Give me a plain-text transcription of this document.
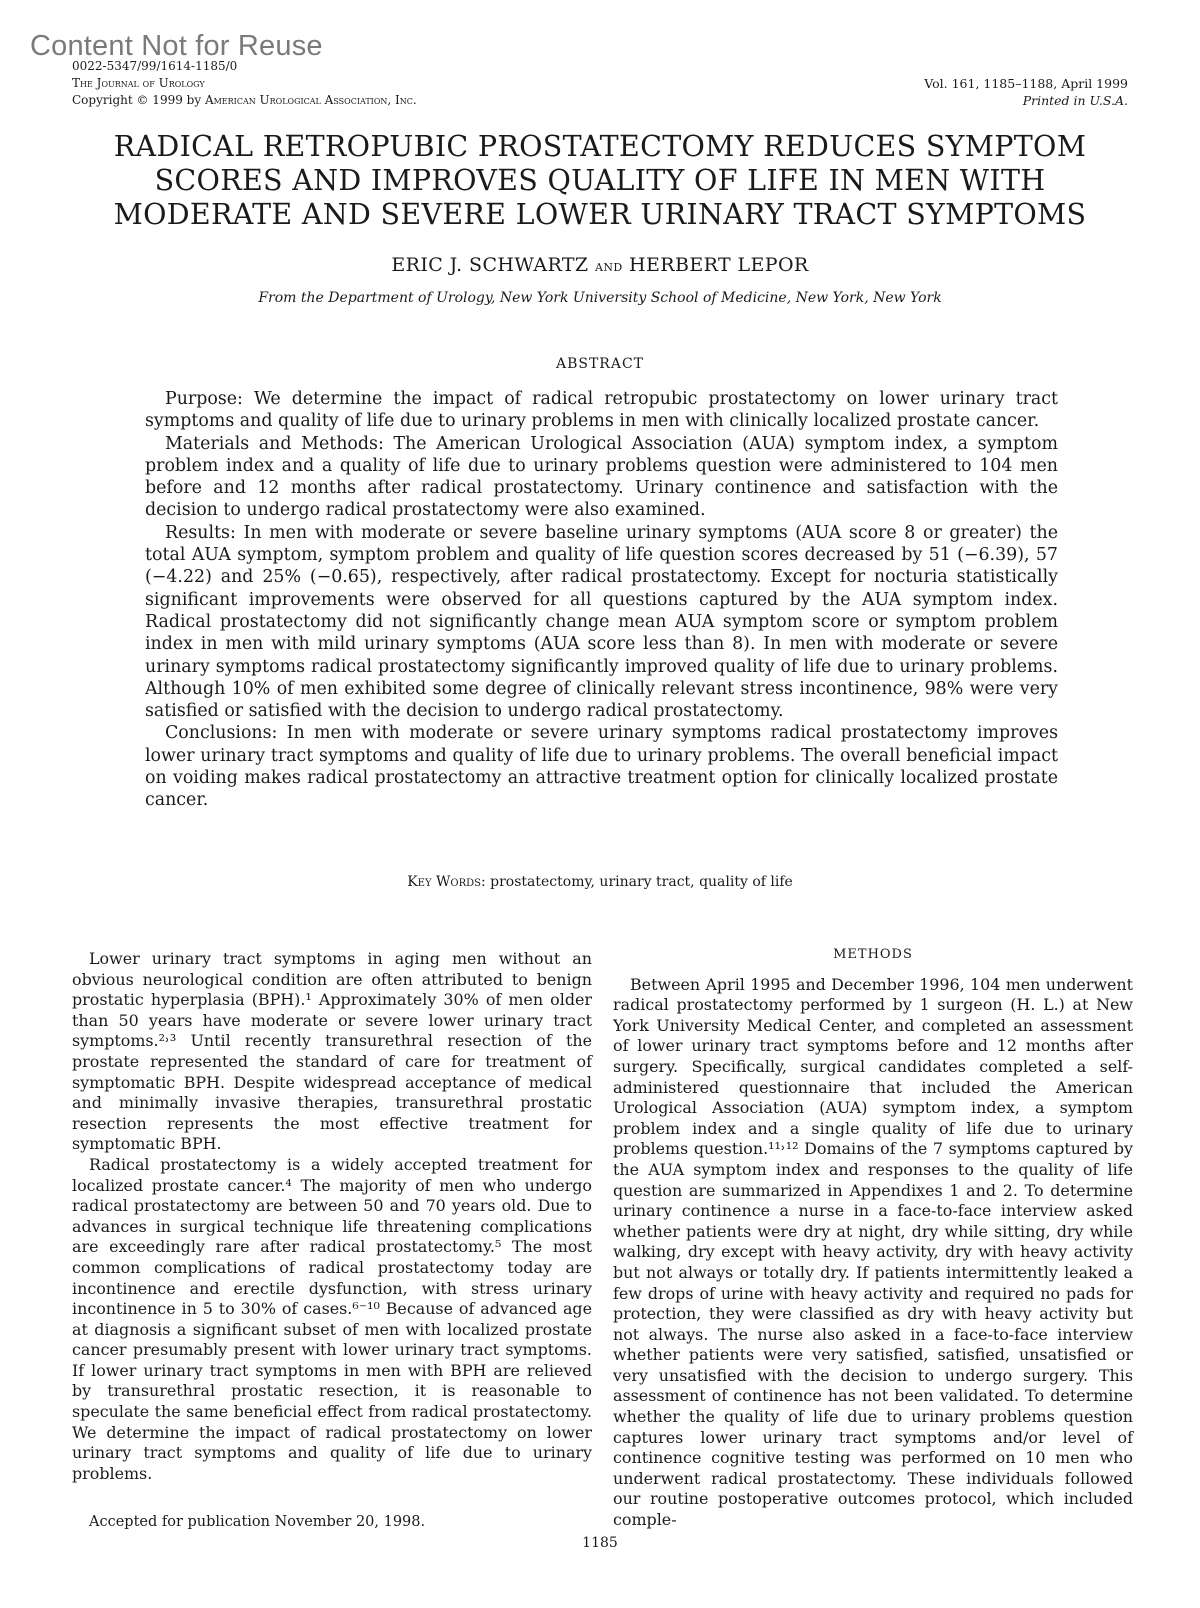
Content Not for Reuse
0022-5347/99/1614-1185/0
The Journal of Urology
Copyright © 1999 by American Urological Association, Inc.
Vol. 161, 1185–1188, April 1999
Printed in U.S.A.
RADICAL RETROPUBIC PROSTATECTOMY REDUCES SYMPTOM SCORES AND IMPROVES QUALITY OF LIFE IN MEN WITH MODERATE AND SEVERE LOWER URINARY TRACT SYMPTOMS
ERIC J. SCHWARTZ and HERBERT LEPOR
From the Department of Urology, New York University School of Medicine, New York, New York
ABSTRACT

Purpose: We determine the impact of radical retropubic prostatectomy on lower urinary tract symptoms and quality of life due to urinary problems in men with clinically localized prostate cancer.

Materials and Methods: The American Urological Association (AUA) symptom index, a symptom problem index and a quality of life due to urinary problems question were administered to 104 men before and 12 months after radical prostatectomy. Urinary continence and satisfaction with the decision to undergo radical prostatectomy were also examined.

Results: In men with moderate or severe baseline urinary symptoms (AUA score 8 or greater) the total AUA symptom, symptom problem and quality of life question scores decreased by 51 (−6.39), 57 (−4.22) and 25% (−0.65), respectively, after radical prostatectomy. Except for nocturia statistically significant improvements were observed for all questions captured by the AUA symptom index. Radical prostatectomy did not significantly change mean AUA symptom score or symptom problem index in men with mild urinary symptoms (AUA score less than 8). In men with moderate or severe urinary symptoms radical prostatectomy significantly improved quality of life due to urinary problems. Although 10% of men exhibited some degree of clinically relevant stress incontinence, 98% were very satisfied or satisfied with the decision to undergo radical prostatectomy.

Conclusions: In men with moderate or severe urinary symptoms radical prostatectomy improves lower urinary tract symptoms and quality of life due to urinary problems. The overall beneficial impact on voiding makes radical prostatectomy an attractive treatment option for clinically localized prostate cancer.

Key Words: prostatectomy, urinary tract, quality of life

Lower urinary tract symptoms in aging men without an obvious neurological condition are often attributed to benign prostatic hyperplasia (BPH).¹ Approximately 30% of men older than 50 years have moderate or severe lower urinary tract symptoms.²˒³ Until recently transurethral resection of the prostate represented the standard of care for treatment of symptomatic BPH. Despite widespread acceptance of medical and minimally invasive therapies, transurethral prostatic resection represents the most effective treatment for symptomatic BPH.

Radical prostatectomy is a widely accepted treatment for localized prostate cancer.⁴ The majority of men who undergo radical prostatectomy are between 50 and 70 years old. Due to advances in surgical technique life threatening complications are exceedingly rare after radical prostatectomy.⁵ The most common complications of radical prostatectomy today are incontinence and erectile dysfunction, with stress urinary incontinence in 5 to 30% of cases.⁶⁻¹⁰ Because of advanced age at diagnosis a significant subset of men with localized prostate cancer presumably present with lower urinary tract symptoms. If lower urinary tract symptoms in men with BPH are relieved by transurethral prostatic resection, it is reasonable to speculate the same beneficial effect from radical prostatectomy. We determine the impact of radical prostatectomy on lower urinary tract symptoms and quality of life due to urinary problems.

Accepted for publication November 20, 1998.
METHODS

Between April 1995 and December 1996, 104 men underwent radical prostatectomy performed by 1 surgeon (H. L.) at New York University Medical Center, and completed an assessment of lower urinary tract symptoms before and 12 months after surgery. Specifically, surgical candidates completed a self-administered questionnaire that included the American Urological Association (AUA) symptom index, a symptom problem index and a single quality of life due to urinary problems question.¹¹˒¹² Domains of the 7 symptoms captured by the AUA symptom index and responses to the quality of life question are summarized in Appendixes 1 and 2. To determine urinary continence a nurse in a face-to-face interview asked whether patients were dry at night, dry while sitting, dry while walking, dry except with heavy activity, dry with heavy activity but not always or totally dry. If patients intermittently leaked a few drops of urine with heavy activity and required no pads for protection, they were classified as dry with heavy activity but not always. The nurse also asked in a face-to-face interview whether patients were very satisfied, satisfied, unsatisfied or very unsatisfied with the decision to undergo surgery. This assessment of continence has not been validated. To determine whether the quality of life due to urinary problems question captures lower urinary tract symptoms and/or level of continence cognitive testing was performed on 10 men who underwent radical prostatectomy. These individuals followed our routine postoperative outcomes protocol, which included comple-

1185
